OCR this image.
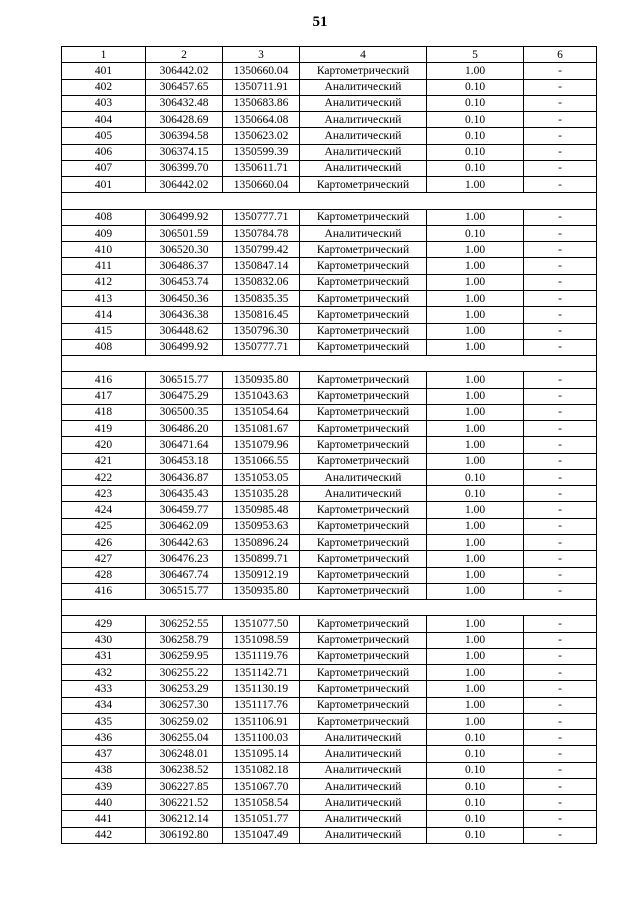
51
1	2	3	4	5	6
401	306442.02	1350660.04	Картометрический	1.00	-
402	306457.65	1350711.91	Аналитический	0.10	-
403	306432.48	1350683.86	Аналитический	0.10	-
404	306428.69	1350664.08	Аналитический	0.10	-
405	306394.58	1350623.02	Аналитический	0.10	-
406	306374.15	1350599.39	Аналитический	0.10	-
407	306399.70	1350611.71	Аналитический	0.10	-
401	306442.02	1350660.04	Картометрический	1.00	-

408	306499.92	1350777.71	Картометрический	1.00	-
409	306501.59	1350784.78	Аналитический	0.10	-
410	306520.30	1350799.42	Картометрический	1.00	-
411	306486.37	1350847.14	Картометрический	1.00	-
412	306453.74	1350832.06	Картометрический	1.00	-
413	306450.36	1350835.35	Картометрический	1.00	-
414	306436.38	1350816.45	Картометрический	1.00	-
415	306448.62	1350796.30	Картометрический	1.00	-
408	306499.92	1350777.71	Картометрический	1.00	-

416	306515.77	1350935.80	Картометрический	1.00	-
417	306475.29	1351043.63	Картометрический	1.00	-
418	306500.35	1351054.64	Картометрический	1.00	-
419	306486.20	1351081.67	Картометрический	1.00	-
420	306471.64	1351079.96	Картометрический	1.00	-
421	306453.18	1351066.55	Картометрический	1.00	-
422	306436.87	1351053.05	Аналитический	0.10	-
423	306435.43	1351035.28	Аналитический	0.10	-
424	306459.77	1350985.48	Картометрический	1.00	-
425	306462.09	1350953.63	Картометрический	1.00	-
426	306442.63	1350896.24	Картометрический	1.00	-
427	306476.23	1350899.71	Картометрический	1.00	-
428	306467.74	1350912.19	Картометрический	1.00	-
416	306515.77	1350935.80	Картометрический	1.00	-

429	306252.55	1351077.50	Картометрический	1.00	-
430	306258.79	1351098.59	Картометрический	1.00	-
431	306259.95	1351119.76	Картометрический	1.00	-
432	306255.22	1351142.71	Картометрический	1.00	-
433	306253.29	1351130.19	Картометрический	1.00	-
434	306257.30	1351117.76	Картометрический	1.00	-
435	306259.02	1351106.91	Картометрический	1.00	-
436	306255.04	1351100.03	Аналитический	0.10	-
437	306248.01	1351095.14	Аналитический	0.10	-
438	306238.52	1351082.18	Аналитический	0.10	-
439	306227.85	1351067.70	Аналитический	0.10	-
440	306221.52	1351058.54	Аналитический	0.10	-
441	306212.14	1351051.77	Аналитический	0.10	-
442	306192.80	1351047.49	Аналитический	0.10	-
